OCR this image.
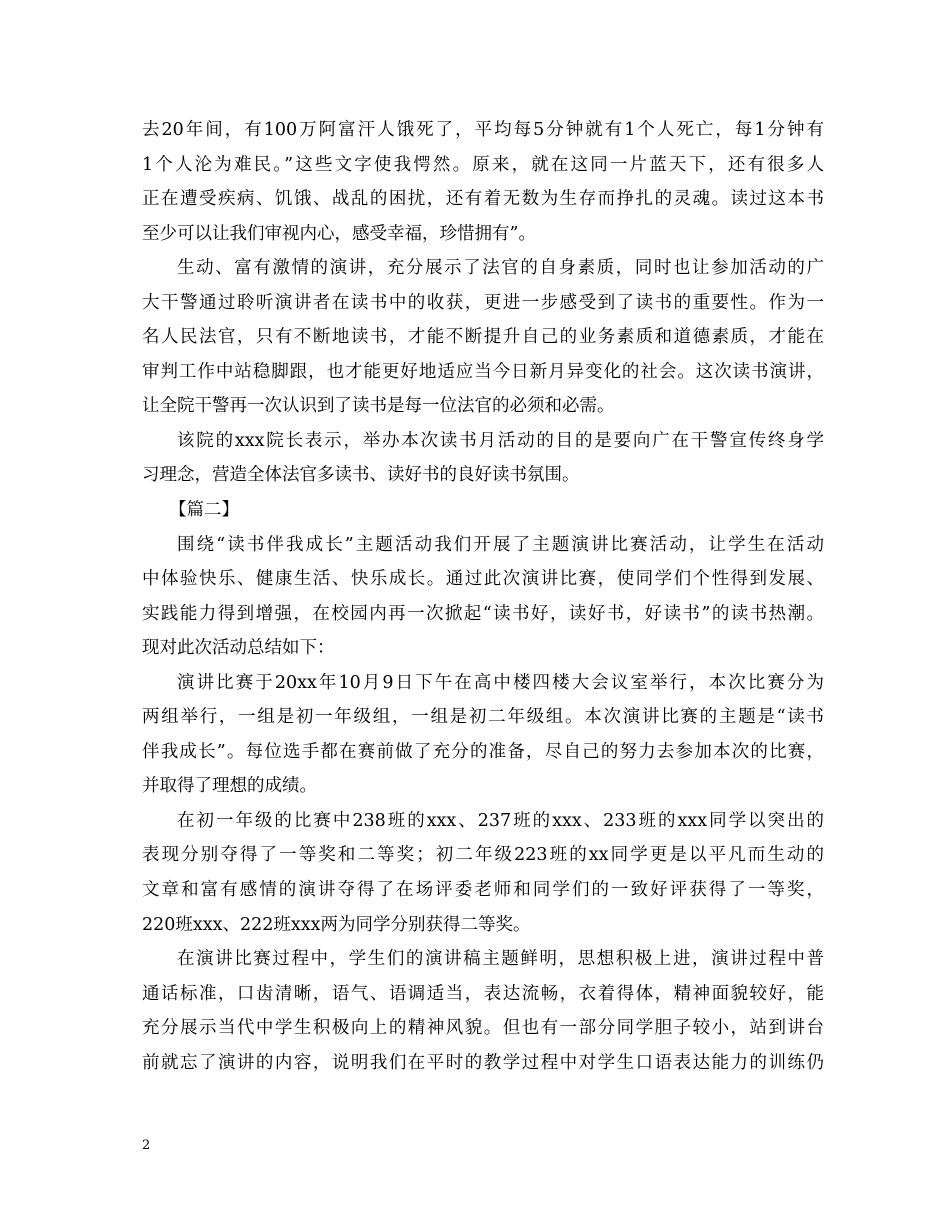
去20年间，有100万阿富汗人饿死了，平均每5分钟就有1个人死亡，每1分钟有
1个人沦为难民。”这些文字使我愕然。原来，就在这同一片蓝天下，还有很多人
正在遭受疾病、饥饿、战乱的困扰，还有着无数为生存而挣扎的灵魂。读过这本书
至少可以让我们审视内心，感受幸福，珍惜拥有”。
生动、富有激情的演讲，充分展示了法官的自身素质，同时也让参加活动的广
大干警通过聆听演讲者在读书中的收获，更进一步感受到了读书的重要性。作为一
名人民法官，只有不断地读书，才能不断提升自己的业务素质和道德素质，才能在
审判工作中站稳脚跟，也才能更好地适应当今日新月异变化的社会。这次读书演讲，
让全院干警再一次认识到了读书是每一位法官的必须和必需。
该院的xxx院长表示，举办本次读书月活动的目的是要向广在干警宣传终身学
习理念，营造全体法官多读书、读好书的良好读书氛围。
【篇二】
围绕“读书伴我成长”主题活动我们开展了主题演讲比赛活动，让学生在活动
中体验快乐、健康生活、快乐成长。通过此次演讲比赛，使同学们个性得到发展、
实践能力得到增强，在校园内再一次掀起“读书好，读好书，好读书”的读书热潮。
现对此次活动总结如下：
演讲比赛于20xx年10月9日下午在高中楼四楼大会议室举行，本次比赛分为
两组举行，一组是初一年级组，一组是初二年级组。本次演讲比赛的主题是“读书
伴我成长”。每位选手都在赛前做了充分的准备，尽自己的努力去参加本次的比赛，
并取得了理想的成绩。
在初一年级的比赛中238班的xxx、237班的xxx、233班的xxx同学以突出的
表现分别夺得了一等奖和二等奖；初二年级223班的xx同学更是以平凡而生动的
文章和富有感情的演讲夺得了在场评委老师和同学们的一致好评获得了一等奖，
220班xxx、222班xxx两为同学分别获得二等奖。
在演讲比赛过程中，学生们的演讲稿主题鲜明，思想积极上进，演讲过程中普
通话标准，口齿清晰，语气、语调适当，表达流畅，衣着得体，精神面貌较好，能
充分展示当代中学生积极向上的精神风貌。但也有一部分同学胆子较小，站到讲台
前就忘了演讲的内容，说明我们在平时的教学过程中对学生口语表达能力的训练仍
2
